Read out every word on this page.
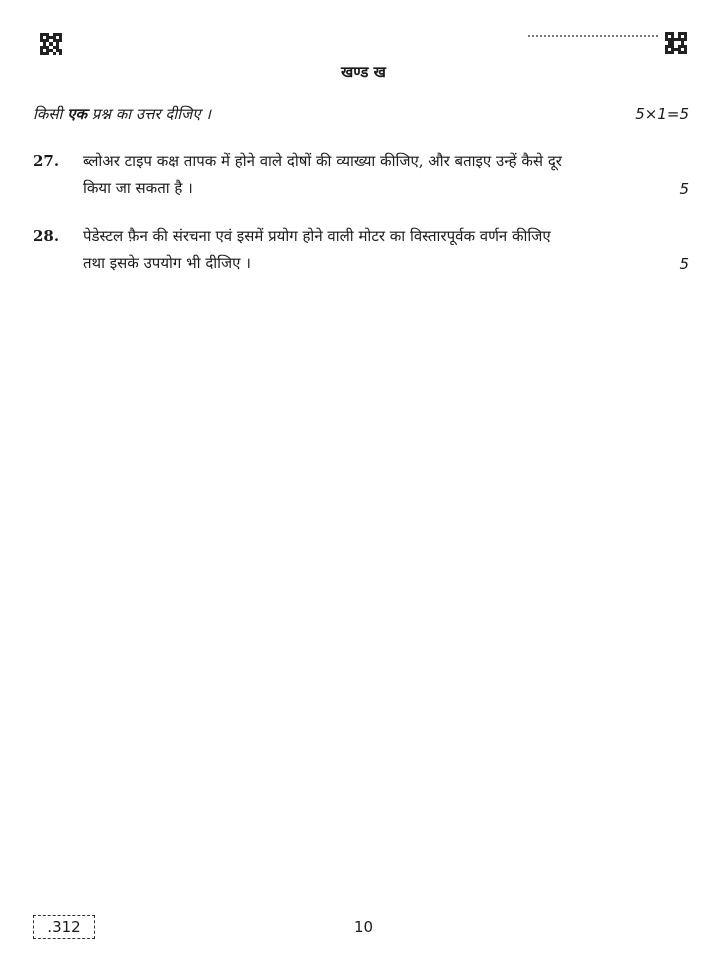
खण्ड ख
किसी एक प्रश्न का उत्तर दीजिए ।	5×1=5
27. ब्लोअर टाइप कक्ष तापक में होने वाले दोषों की व्याख्या कीजिए, और बताइए उन्हें कैसे दूर
किया जा सकता है ।	5
28. पेडेस्टल फ़ैन की संरचना एवं इसमें प्रयोग होने वाली मोटर का विस्तारपूर्वक वर्णन कीजिए
तथा इसके उपयोग भी दीजिए ।	5
.312	10
